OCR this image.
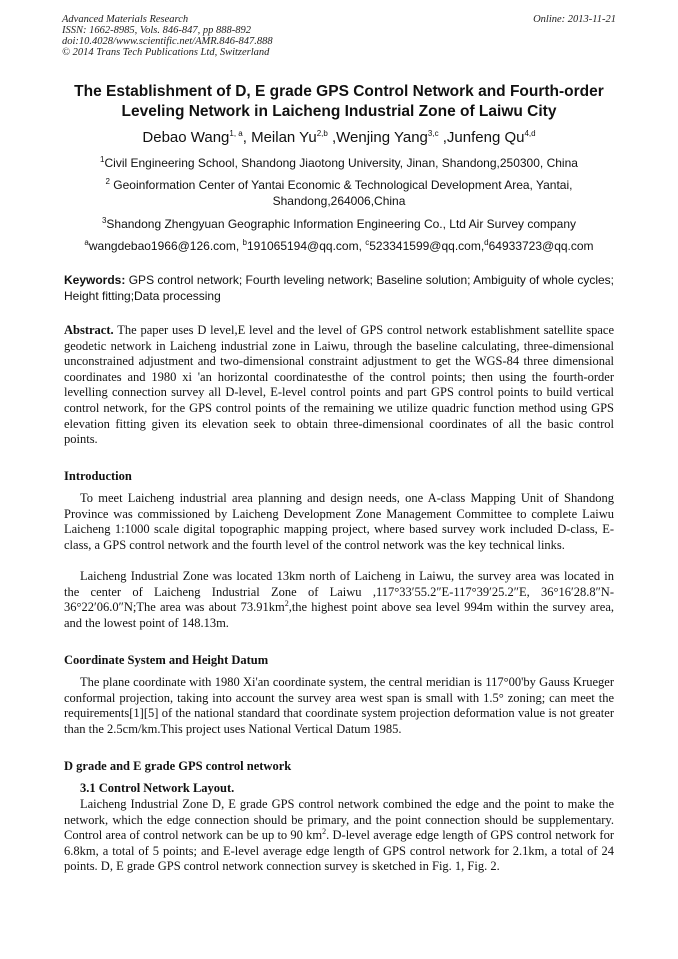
Advanced Materials Research
ISSN: 1662-8985, Vols. 846-847, pp 888-892
doi:10.4028/www.scientific.net/AMR.846-847.888
© 2014 Trans Tech Publications Ltd, Switzerland
Online: 2013-11-21
The Establishment of D, E grade GPS Control Network and Fourth-order
Leveling Network in Laicheng Industrial Zone of Laiwu City
Debao Wang$^{1, a}$, Meilan Yu$^{2,b}$ ,Wenjing Yang$^{3,c}$ ,Junfeng Qu$^{4,d}$
$^1$Civil Engineering School, Shandong Jiaotong University, Jinan, Shandong,250300, China
$^2$ Geoinformation Center of Yantai Economic & Technological Development Area, Yantai,
Shandong,264006,China
$^3$Shandong Zhengyuan Geographic Information Engineering Co., Ltd Air Survey company
$^a$wangdebao1966@126.com, $^b$191065194@qq.com, $^c$523341599@qq.com,$^d$64933723@qq.com
Keywords: GPS control network; Fourth leveling network; Baseline solution; Ambiguity of whole cycles; Height fitting;Data processing
Abstract. The paper uses D level,E level and the level of GPS control network establishment satellite space geodetic network in Laicheng industrial zone in Laiwu, through the baseline calculating, three-dimensional unconstrained adjustment and two-dimensional constraint adjustment to get the WGS-84 three dimensional coordinates and 1980 xi 'an horizontal coordinatesthe of the control points; then using the fourth-order levelling connection survey all D-level, E-level control points and part GPS control points to build vertical control network, for the GPS control points of the remaining we utilize quadric function method using GPS elevation fitting given its elevation seek to obtain three-dimensional coordinates of all the basic control points.
Introduction
To meet Laicheng industrial area planning and design needs, one A-class Mapping Unit of Shandong Province was commissioned by Laicheng Development Zone Management Committee to complete Laiwu Laicheng 1:1000 scale digital topographic mapping project, where based survey work included D-class, E-class, a GPS control network and the fourth level of the control network was the key technical links.
Laicheng Industrial Zone was located 13km north of Laicheng in Laiwu, the survey area was located in the center of Laicheng Industrial Zone of Laiwu ,117°33′55.2″E-117°39′25.2″E, 36°16′28.8″N-36°22′06.0″N;The area was about $73.91km^2,the$ highest point above sea level 994m within the survey area, and the lowest point of 148.13m.
Coordinate System and Height Datum
The plane coordinate with 1980 Xi'an coordinate system, the central meridian is 117°00'by Gauss Krueger conformal projection, taking into account the survey area west span is small with 1.5° zoning; can meet the requirements[1][5] of the national standard that coordinate system projection deformation value is not greater than the 2.5cm/km.This project uses National Vertical Datum 1985.
D grade and E grade GPS control network
3.1 Control Network Layout.
Laicheng Industrial Zone D, E grade GPS control network combined the edge and the point to make the network, which the edge connection should be primary, and the point connection should be supplementary. Control area of control network can be up to 90 $km^2$. D-level average edge length of GPS control network for 6.8km, a total of 5 points; and E-level average edge length of GPS control network for 2.1km, a total of 24 points. D, E grade GPS control network connection survey is sketched in Fig. 1, Fig. 2.
